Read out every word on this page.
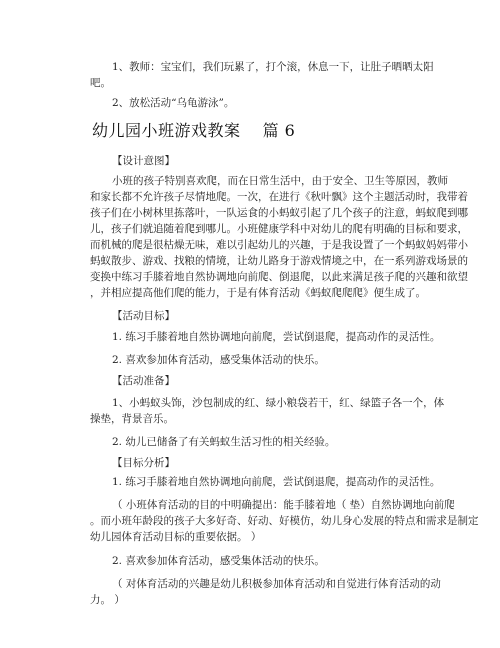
1、教师：宝宝们，我们玩累了，打个滚，休息一下，让肚子晒晒太阳
吧。
2、放松活动“乌龟游泳”。
幼儿园小班游戏教案　 篇 6
【设计意图】
小班的孩子特别喜欢爬，而在日常生活中，由于安全、卫生等原因，教师
和家长都不允许孩子尽情地爬。一次，在进行《秋叶飘》这个主题活动时，我带着
孩子们在小树林里拣落叶，一队运食的小蚂蚁引起了几个孩子的注意，蚂蚁爬到哪
儿，孩子们就追随着爬到哪儿。小班健康学科中对幼儿的爬有明确的目标和要求，
而机械的爬是很枯燥无味，难以引起幼儿的兴趣，于是我设置了一个蚂蚁妈妈带小
蚂蚁散步、游戏、找粮的情境，让幼儿路身于游戏情境之中，在一系列游戏场景的
变换中练习手膝着地自然协调地向前爬、倒退爬，以此来满足孩子爬的兴趣和欲望
，并相应提高他们爬的能力，于是有体育活动《蚂蚁爬爬爬》便生成了。
【活动目标】
1. 练习手膝着地自然协调地向前爬，尝试倒退爬，提高动作的灵活性。
2. 喜欢参加体育活动，感受集体活动的快乐。
【活动准备】
1、小蚂蚁头饰，沙包制成的红、绿小粮袋若干，红、绿篮子各一个，体
操垫，背景音乐。
2. 幼儿已储备了有关蚂蚁生活习性的相关经验。
【目标分析】
1. 练习手膝着地自然协调地向前爬，尝试倒退爬，提高动作的灵活性。
（ 小班体育活动的目的中明确提出：能手膝着地（ 垫）自然协调地向前爬
。而小班年龄段的孩子大多好奇、好动、好模仿，幼儿身心发展的特点和需求是制定
幼儿园体育活动目标的重要依据。 ）
2. 喜欢参加体育活动，感受集体活动的快乐。
（ 对体育活动的兴趣是幼儿积极参加体育活动和自觉进行体育活动的动
力。 ）
